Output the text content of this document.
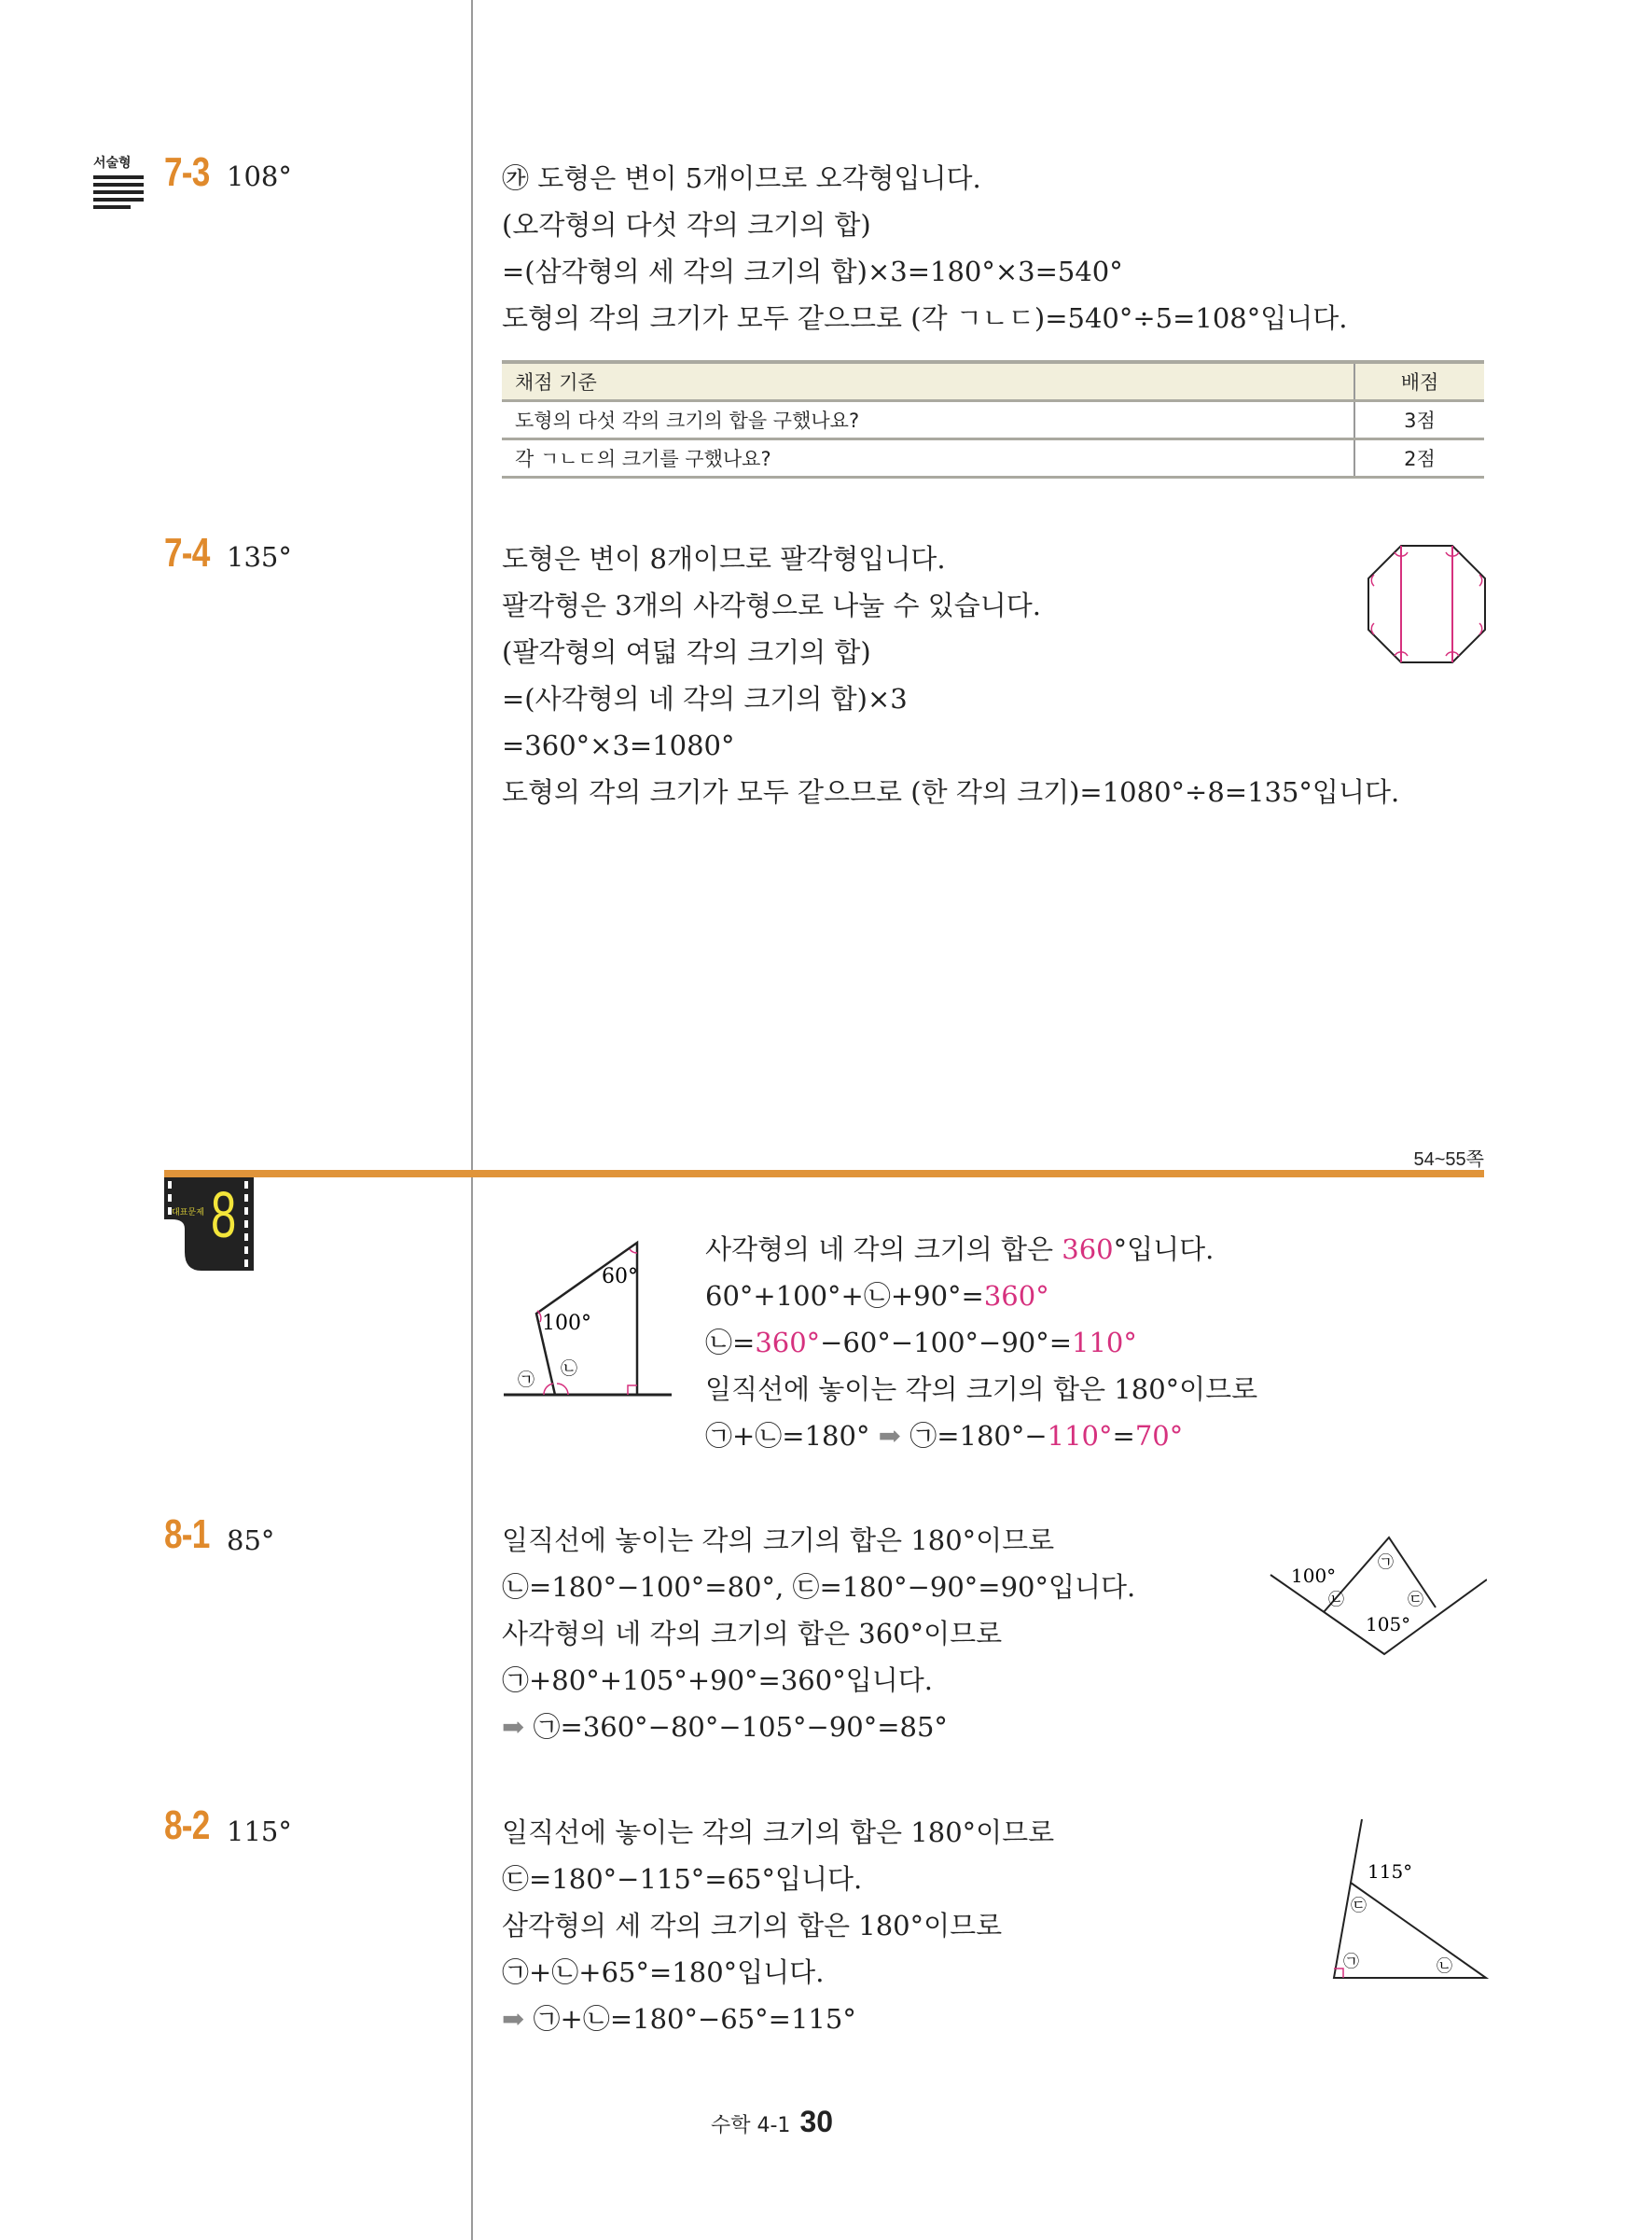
서술형 7-3 108°	㉮ 도형은 변이 5개이므로 오각형입니다.
(오각형의 다섯 각의 크기의 합)
=(삼각형의 세 각의 크기의 합)×3=180°×3=540°
도형의 각의 크기가 모두 같으므로 (각 ㄱㄴㄷ)=540°÷5=108°입니다.
채점 기준	배점
도형의 다섯 각의 크기의 합을 구했나요?	3점
각 ㄱㄴㄷ의 크기를 구했나요?	2점
7-4 135°	도형은 변이 8개이므로 팔각형입니다.
팔각형은 3개의 사각형으로 나눌 수 있습니다.
(팔각형의 여덟 각의 크기의 합)
=(사각형의 네 각의 크기의 합)×3
=360°×3=1080°
도형의 각의 크기가 모두 같으므로 (한 각의 크기)=1080°÷8=135°입니다.
54~55쪽
대표문제 8
60°
100°
㉠
㉡
사각형의 네 각의 크기의 합은 360°입니다.
60°+100°+㉡+90°=360°
㉡=360°−60°−100°−90°=110°
일직선에 놓이는 각의 크기의 합은 180°이므로
㉠+㉡=180° ➡ ㉠=180°−110°=70°
8-1 85°	일직선에 놓이는 각의 크기의 합은 180°이므로
㉡=180°−100°=80°, ㉢=180°−90°=90°입니다.
사각형의 네 각의 크기의 합은 360°이므로
㉠+80°+105°+90°=360°입니다.
➡ ㉠=360°−80°−105°−90°=85°
100°
105°
㉠
㉡	㉢
8-2 115°	일직선에 놓이는 각의 크기의 합은 180°이므로
㉢=180°−115°=65°입니다.
삼각형의 세 각의 크기의 합은 180°이므로
㉠+㉡+65°=180°입니다.
➡ ㉠+㉡=180°−65°=115°
115°
㉠	㉡
㉢
수학 4-1 30
